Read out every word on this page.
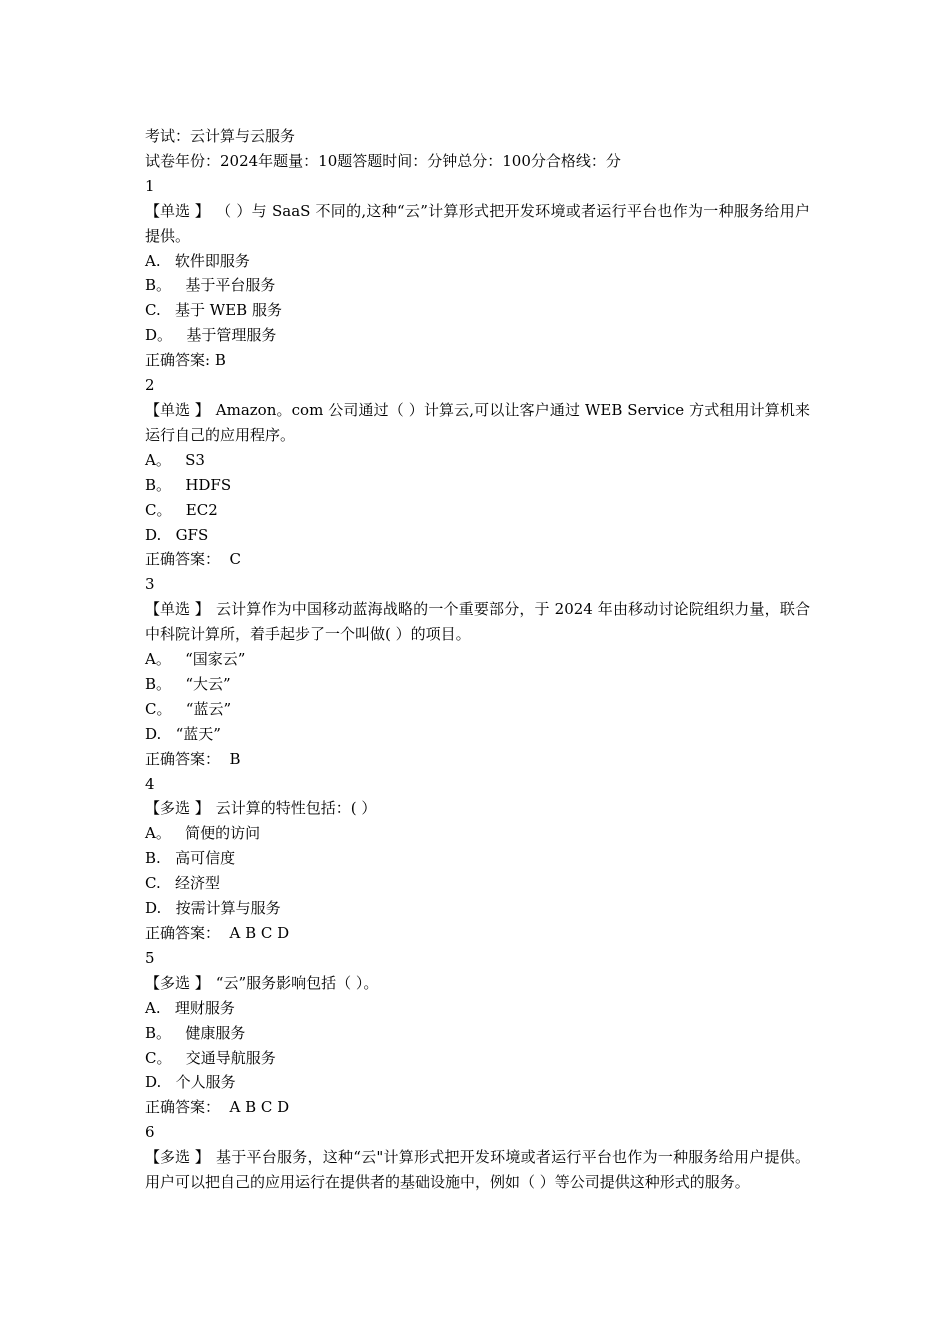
考试：云计算与云服务

试卷年份：2024年题量：10题答题时间：分钟总分：100分合格线：分

1

【单选 】 （ ）与 SaaS 不同的,这种“云”计算形式把开发环境或者运行平台也作为一种服务给用户提供。

A.   软件即服务

B。   基于平台服务

C.   基于 WEB 服务

D。   基于管理服务

正确答案: B

2

【单选 】 Amazon。com 公司通过（ ）计算云,可以让客户通过 WEB Service 方式租用计算机来运行自己的应用程序。

A。   S3

B。   HDFS

C。   EC2

D.   GFS

正确答案：  C

3

【单选 】 云计算作为中国移动蓝海战略的一个重要部分，于 2024 年由移动讨论院组织力量，联合中科院计算所，着手起步了一个叫做( ）的项目。

A。   “国家云”

B。   “大云”

C。   “蓝云”

D.   “蓝天”

正确答案：  B

4

【多选 】 云计算的特性包括：( ）

A。   简便的访问

B.   高可信度

C.   经济型

D.   按需计算与服务

正确答案：  A B C D

5

【多选 】 “云”服务影响包括（ ）。

A.   理财服务

B。   健康服务

C。   交通导航服务

D.   个人服务

正确答案：  A B C D

6

【多选 】 基于平台服务，这种“云"计算形式把开发环境或者运行平台也作为一种服务给用户提供。用户可以把自己的应用运行在提供者的基础设施中，例如（ ）等公司提供这种形式的服务。
